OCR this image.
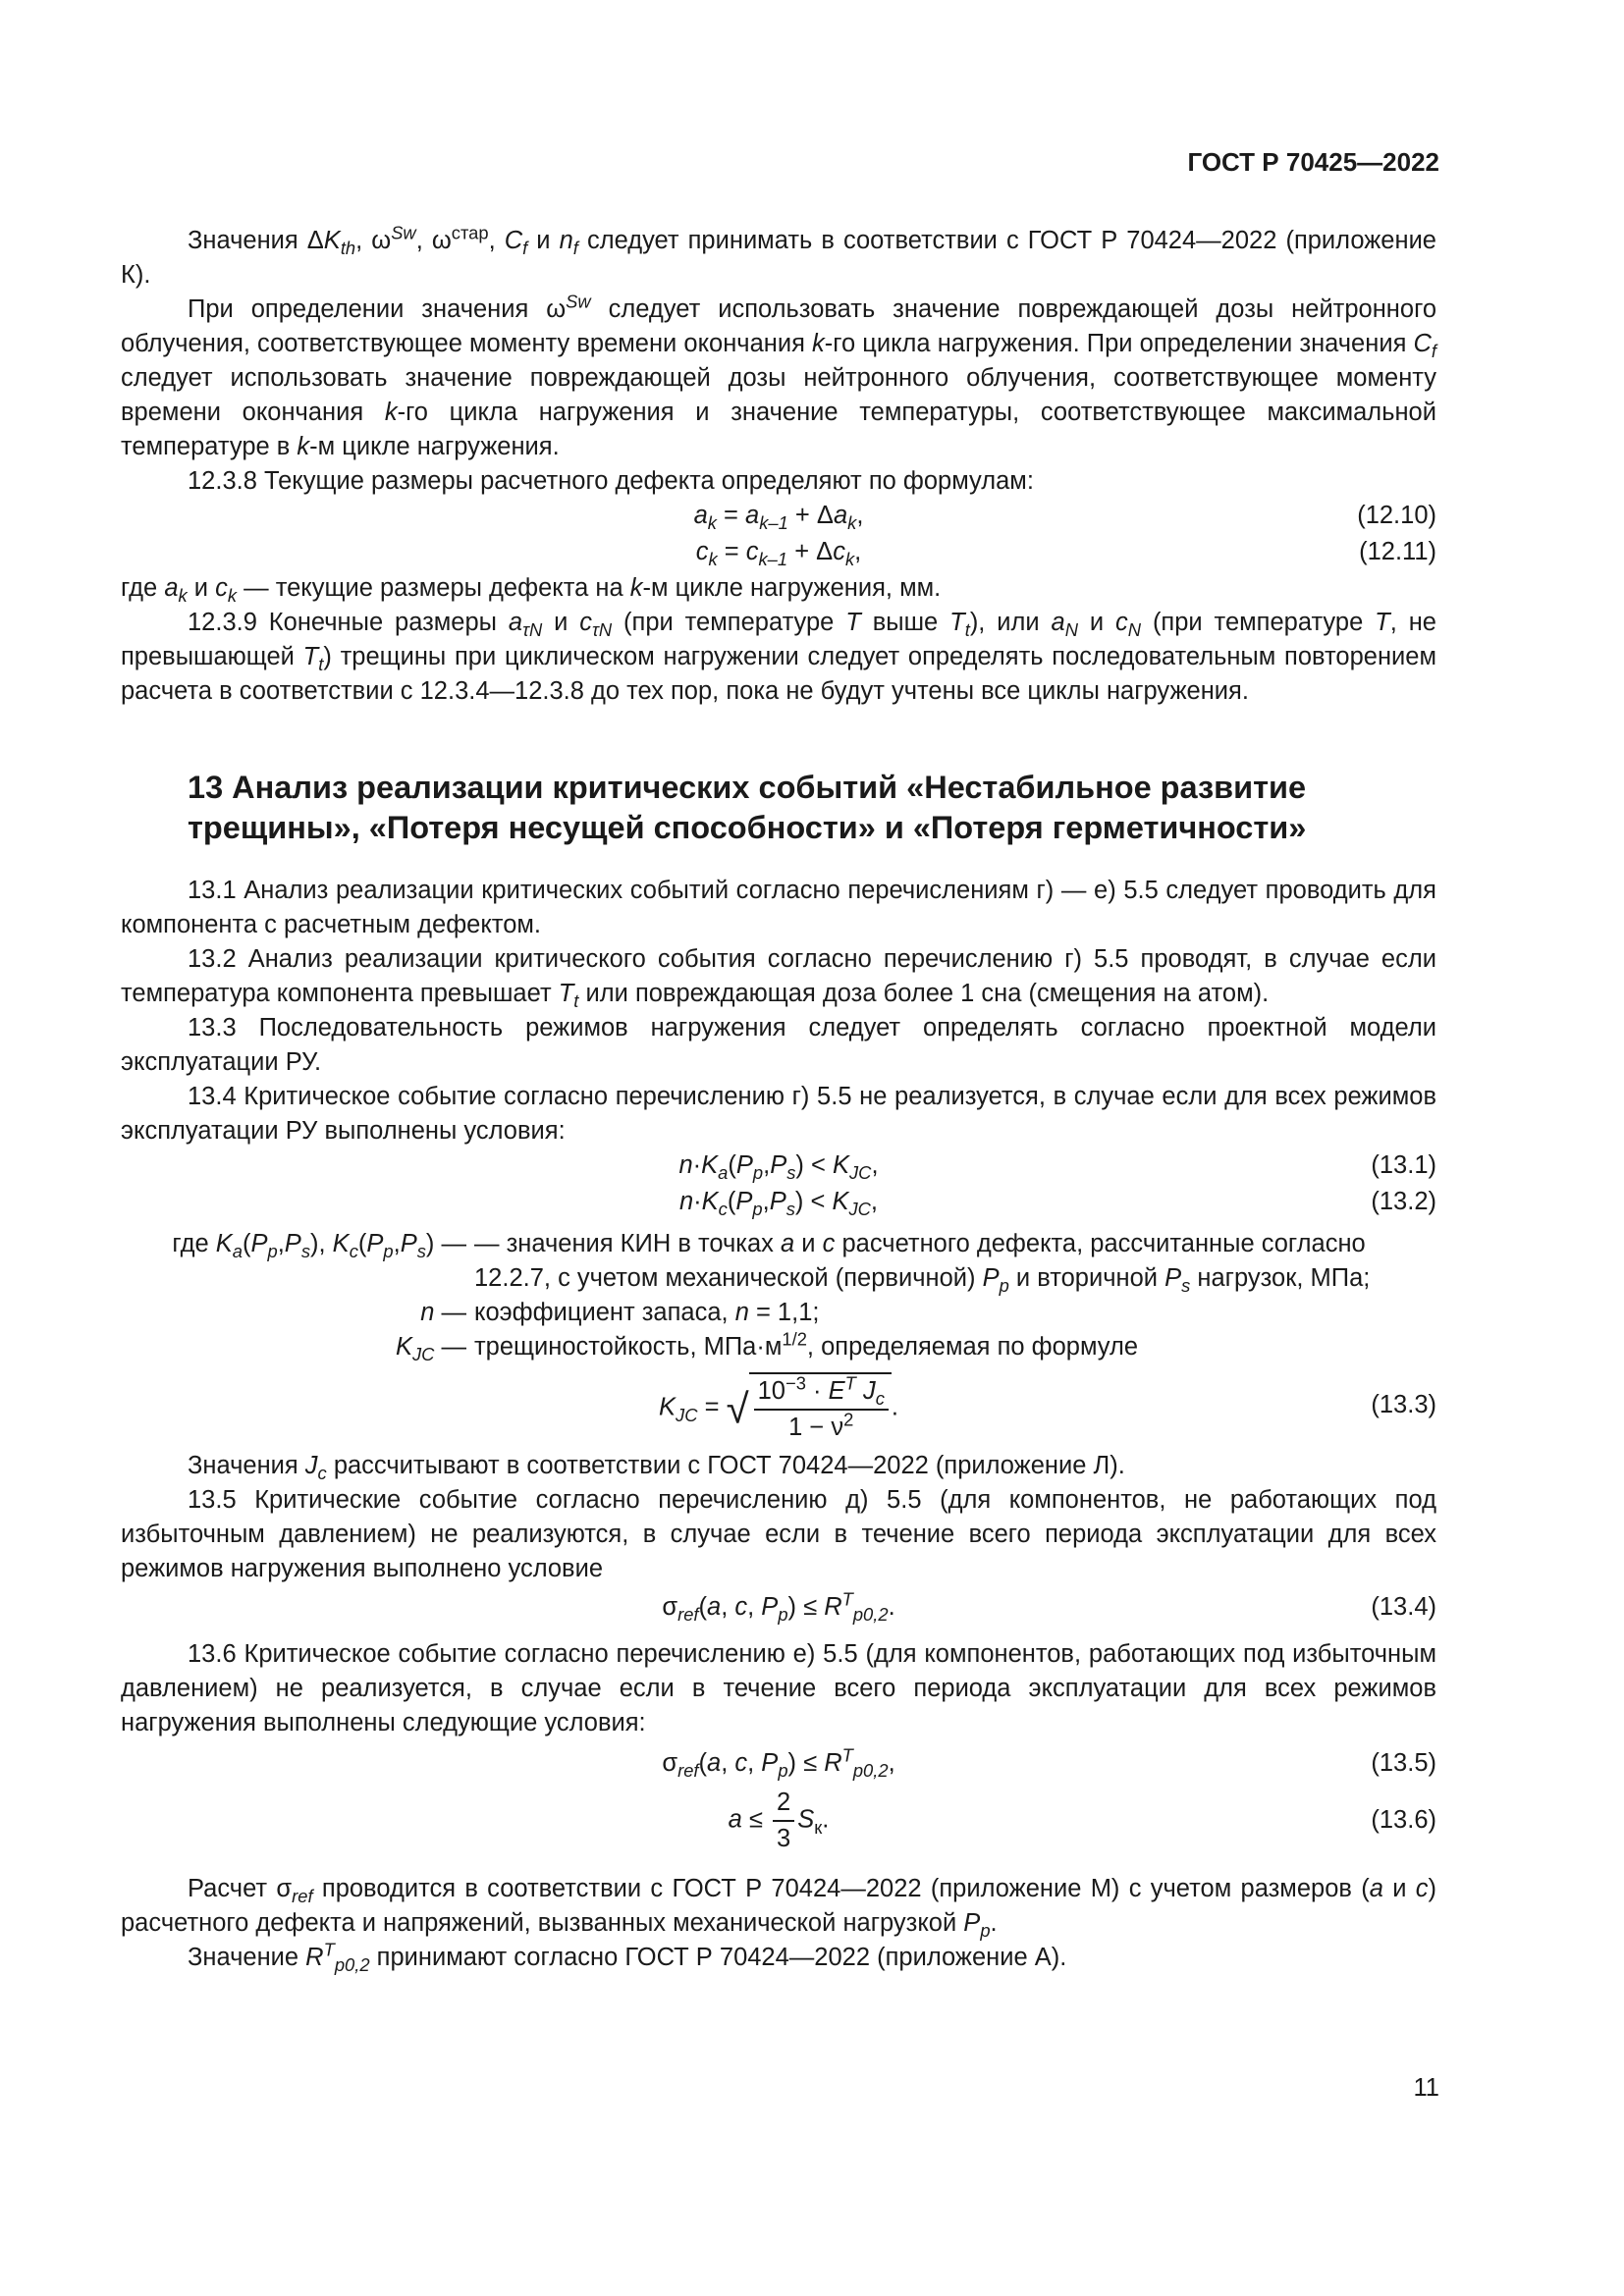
ГОСТ Р 70425—2022

Значения $\Delta K_{th}$, $\omega^{Sw}$, $\omega^{стар}$, $C_f$ и $n_f$ следует принимать в соответствии с ГОСТ Р 70424—2022 (приложение К).

При определении значения $\omega^{Sw}$ следует использовать значение повреждающей дозы нейтронного облучения, соответствующее моменту времени окончания k-го цикла нагружения. При определении значения $C_f$ следует использовать значение повреждающей дозы нейтронного облучения, соответствующее моменту времени окончания k-го цикла нагружения и значение температуры, соответствующее максимальной температуре в k-м цикле нагружения.

12.3.8 Текущие размеры расчетного дефекта определяют по формулам:

$a_k = a_{k-1} + \Delta a_k$,	(12.10)
$c_k = c_{k-1} + \Delta c_k$,	(12.11)

где $a_k$ и $c_k$ — текущие размеры дефекта на k-м цикле нагружения, мм.

12.3.9 Конечные размеры $a_{\tau N}$ и $c_{\tau N}$ (при температуре T выше $T_t$), или $a_N$ и $c_N$ (при температуре T, не превышающей $T_t$) трещины при циклическом нагружении следует определять последовательным повторением расчета в соответствии с 12.3.4—12.3.8 до тех пор, пока не будут учтены все циклы нагружения.

13 Анализ реализации критических событий «Нестабильное развитие трещины», «Потеря несущей способности» и «Потеря герметичности»

13.1 Анализ реализации критических событий согласно перечислениям г) — е) 5.5 следует проводить для компонента с расчетным дефектом.

13.2 Анализ реализации критического события согласно перечислению г) 5.5 проводят, в случае если температура компонента превышает $T_t$ или повреждающая доза более 1 сна (смещения на атом).

13.3 Последовательность режимов нагружения следует определять согласно проектной модели эксплуатации РУ.

13.4 Критическое событие согласно перечислению г) 5.5 не реализуется, в случае если для всех режимов эксплуатации РУ выполнены условия:

$n\cdot K_a(P_p,P_s) < K_{JC}$,	(13.1)
$n\cdot K_c(P_p,P_s) < K_{JC}$,	(13.2)
где $K_a(P_p,P_s)$, $K_c(P_p,P_s)$ — — значения КИН в точках a и c расчетного дефекта, рассчитанные согласно 12.2.7, с учетом механической (первичной) $P_p$ и вторичной $P_s$ нагрузок, МПа;
n — коэффициент запаса, n = 1,1;
$K_{JC}$ — трещиностойкость, $МПа\cdot м^{1/2}$, определяемая по формуле
$K_{JC}$ = √ $\frac{10^{-3} \cdot E^T J_c}{1 - \nu^2}$ .	(13.3)

Значения $J_c$ рассчитывают в соответствии с ГОСТ 70424—2022 (приложение Л).

13.5 Критические событие согласно перечислению д) 5.5 (для компонентов, не работающих под избыточным давлением) не реализуются, в случае если в течение всего периода эксплуатации для всех режимов нагружения выполнено условие

$\sigma_{ref}(a$, c, $P_p) \le R^T_{p0,2}$.	(13.4)

13.6 Критическое событие согласно перечислению е) 5.5 (для компонентов, работающих под избыточным давлением) не реализуется, в случае если в течение всего периода эксплуатации для всех режимов нагружения выполнены следующие условия:

$\sigma_{ref}(a$, c, $P_p) \le R^T_{p0,2}$,	(13.5)
$a \le \frac{2}{3} S_к$.	(13.6)

Расчет $\sigma_{ref}$ проводится в соответствии с ГОСТ Р 70424—2022 (приложение М) с учетом размеров (a и c) расчетного дефекта и напряжений, вызванных механической нагрузкой $P_p$.

Значение $R^T_{p0,2}$ принимают согласно ГОСТ Р 70424—2022 (приложение А).

11
